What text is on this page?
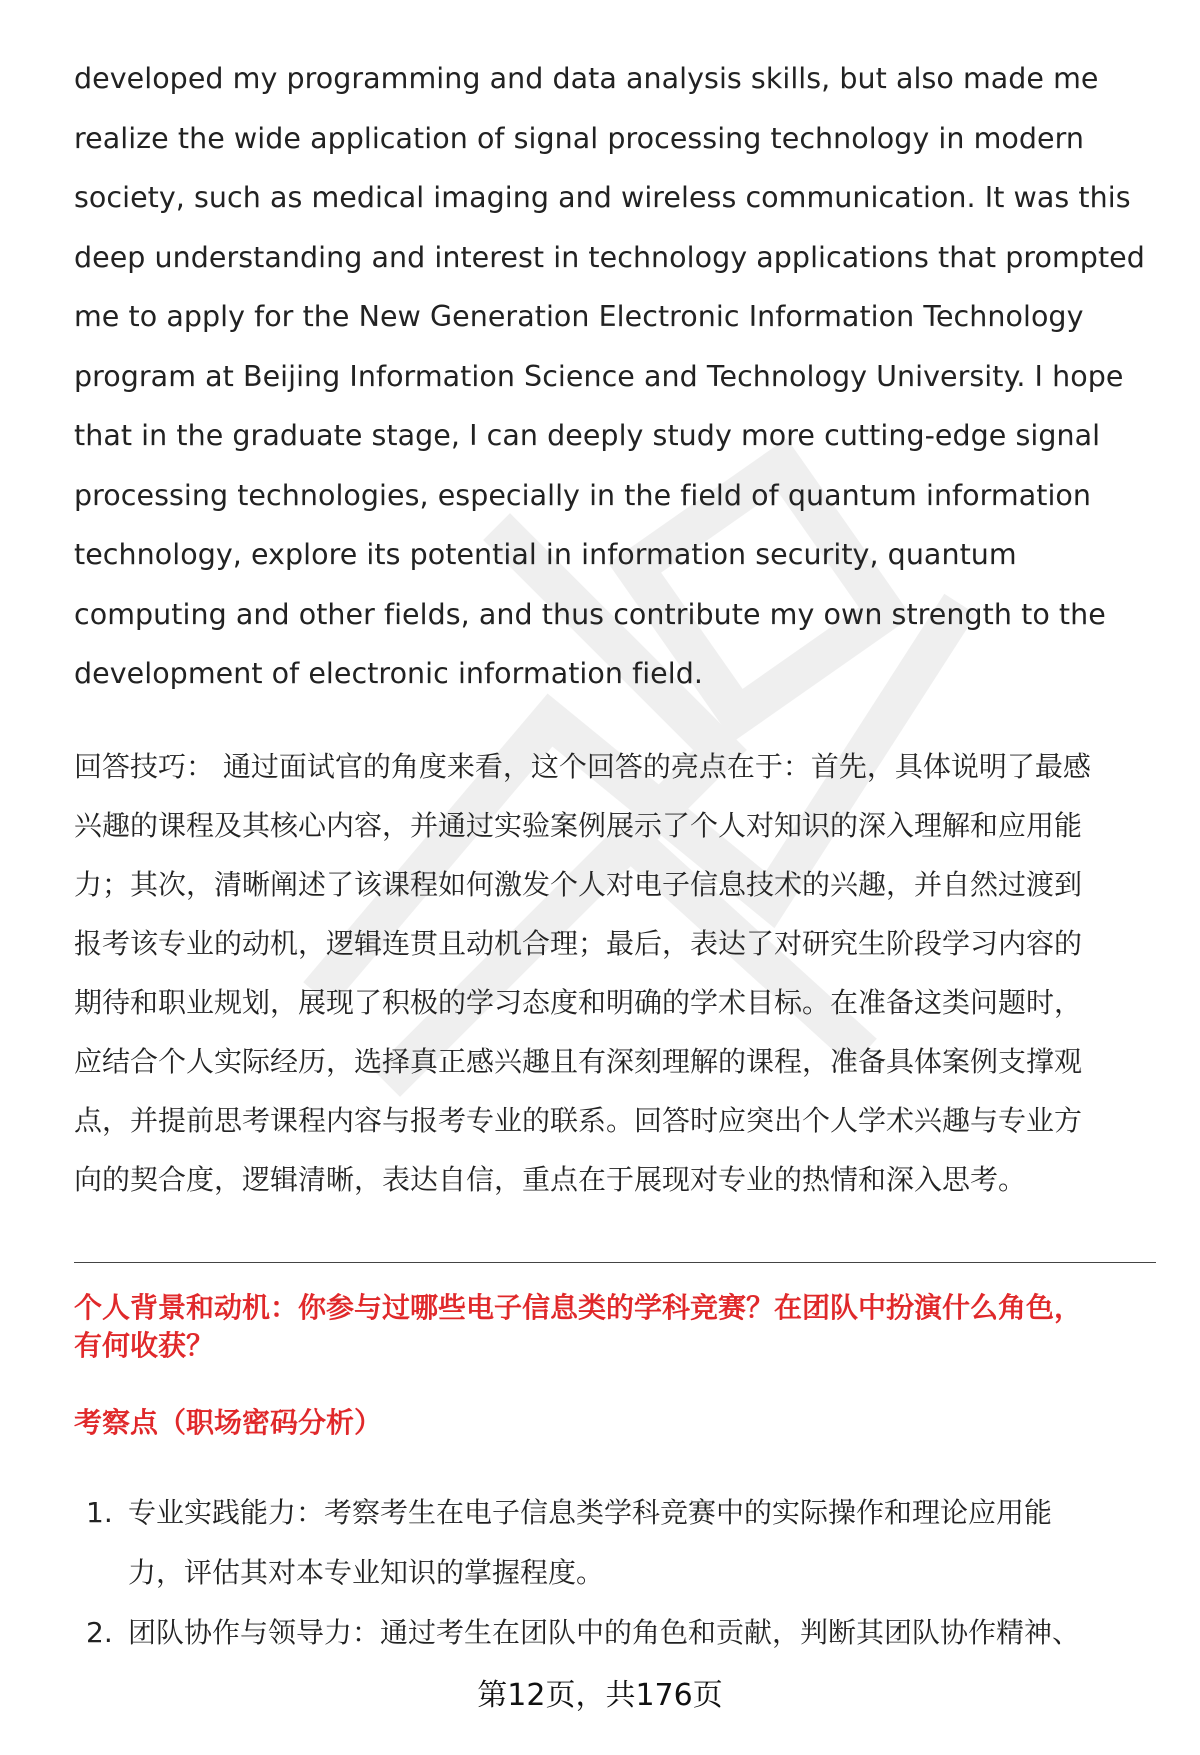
developed my programming and data analysis skills, but also made me
realize the wide application of signal processing technology in modern
society, such as medical imaging and wireless communication. It was this
deep understanding and interest in technology applications that prompted
me to apply for the New Generation Electronic Information Technology
program at Beijing Information Science and Technology University. I hope
that in the graduate stage, I can deeply study more cutting-edge signal
processing technologies, especially in the field of quantum information
technology, explore its potential in information security, quantum
computing and other fields, and thus contribute my own strength to the
development of electronic information field.
回答技巧： 通过面试官的角度来看，这个回答的亮点在于：首先，具体说明了最感
兴趣的课程及其核心内容，并通过实验案例展示了个人对知识的深入理解和应用能
力；其次，清晰阐述了该课程如何激发个人对电子信息技术的兴趣，并自然过渡到
报考该专业的动机，逻辑连贯且动机合理；最后，表达了对研究生阶段学习内容的
期待和职业规划，展现了积极的学习态度和明确的学术目标。在准备这类问题时，
应结合个人实际经历，选择真正感兴趣且有深刻理解的课程，准备具体案例支撑观
点，并提前思考课程内容与报考专业的联系。回答时应突出个人学术兴趣与专业方
向的契合度，逻辑清晰，表达自信，重点在于展现对专业的热情和深入思考。
个人背景和动机：你参与过哪些电子信息类的学科竞赛？在团队中扮演什么角色，
有何收获？
考察点（职场密码分析）
1. 专业实践能力：考察考生在电子信息类学科竞赛中的实际操作和理论应用能
力，评估其对本专业知识的掌握程度。
2. 团队协作与领导力：通过考生在团队中的角色和贡献，判断其团队协作精神、
第12页，共176页
